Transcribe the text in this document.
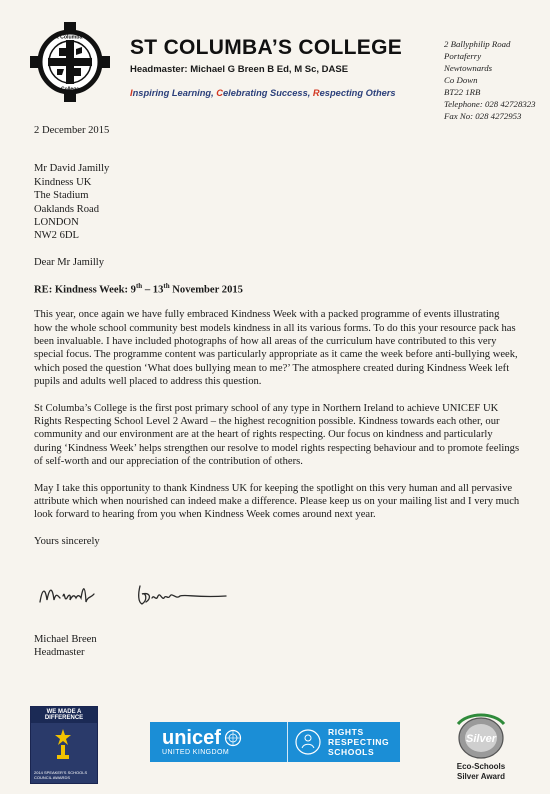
St Columba’s
College
ST COLUMBA’S COLLEGE
Headmaster: Michael G Breen B Ed, M Sc, DASE
Inspiring Learning, Celebrating Success, Respecting Others
2 Ballyphilip Road
Portaferry
Newtownards
Co Down
BT22 1RB
Telephone: 028 42728323
Fax No: 028 4272953

2 December 2015

Mr David Jamilly
Kindness UK
The Stadium
Oaklands Road
LONDON
NW2 6DL

Dear Mr Jamilly

RE: Kindness Week: 9th – 13th November 2015

This year, once again we have fully embraced Kindness Week with a packed programme of events illustrating how the whole school community best models kindness in all its various forms. To do this your resource pack has been invaluable. I have included photographs of how all areas of the curriculum have contributed to this very special focus. The programme content was particularly appropriate as it came the week before anti-bullying week, which posed the question ‘What does bullying mean to me?’ The atmosphere created during Kindness Week left pupils and adults well placed to address this question.

St Columba’s College is the first post primary school of any type in Northern Ireland to achieve UNICEF UK Rights Respecting School Level 2 Award – the highest recognition possible. Kindness towards each other, our community and our environment are at the heart of rights respecting. Our focus on kindness and particularly during ‘Kindness Week’ helps strengthen our resolve to model rights respecting behaviour and to promote feelings of self-worth and our appreciation of the contribution of others.

May I take this opportunity to thank Kindness UK for keeping the spotlight on this very human and all pervasive attribute which when nourished can indeed make a difference. Please keep us on your mailing list and I very much look forward to hearing from you when Kindness Week comes around next year.

Yours sincerely

Michael Breen
Headmaster
WE MADE A DIFFERENCE
2014 SPEAKER’S SCHOOLS COUNCIL AWARDS
unicef
UNITED KINGDOM
RIGHTS
RESPECTING
SCHOOLS
Silver
Eco-Schools
Silver Award
